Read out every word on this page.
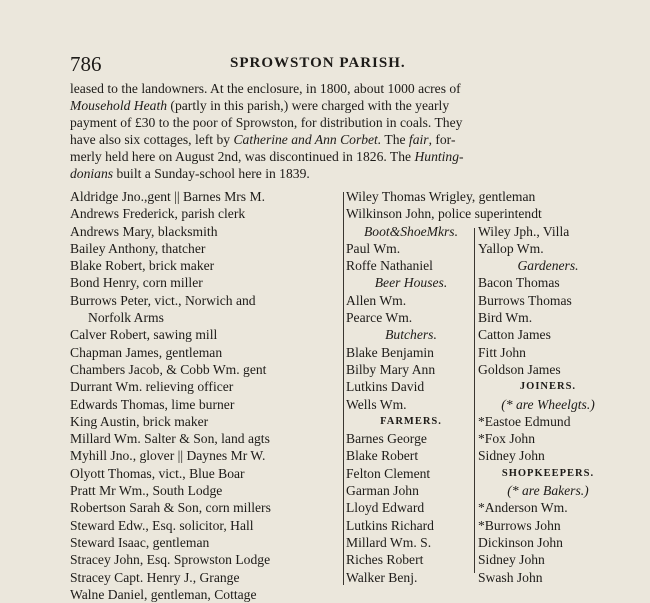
786	SPROWSTON PARISH.
leased to the landowners. At the enclosure, in 1800, about 1000 acres of
Mousehold Heath (partly in this parish,) were charged with the yearly
payment of £30 to the poor of Sprowston, for distribution in coals. They
have also six cottages, left by Catherine and Ann Corbet. The fair, for-
merly held here on August 2nd, was discontinued in 1826. The Hunting-
donians built a Sunday-school here in 1839.
Aldridge Jno.,gent || Barnes Mrs M.
Andrews Frederick, parish clerk
Andrews Mary, blacksmith
Bailey Anthony, thatcher
Blake Robert, brick maker
Bond Henry, corn miller
Burrows Peter, vict., Norwich and
Norfolk Arms
Calver Robert, sawing mill
Chapman James, gentleman
Chambers Jacob, & Cobb Wm. gent
Durrant Wm. relieving officer
Edwards Thomas, lime burner
King Austin, brick maker
Millard Wm. Salter & Son, land agts
Myhill Jno., glover || Daynes Mr W.
Olyott Thomas, vict., Blue Boar
Pratt Mr Wm., South Lodge
Robertson Sarah & Son, corn millers
Steward Edw., Esq. solicitor, Hall
Steward Isaac, gentleman
Stracey John, Esq. Sprowston Lodge
Stracey Capt. Henry J., Grange
Walne Daniel, gentleman, Cottage
Wiley Thomas Wrigley, gentleman
Wilkinson John, police superintendt
Boot&ShoeMkrs.
Paul Wm.
Roffe Nathaniel
Beer Houses.
Allen Wm.
Pearce Wm.
Butchers.
Blake Benjamin
Bilby Mary Ann
Lutkins David
Wells Wm.
FARMERS.
Barnes George
Blake Robert
Felton Clement
Garman John
Lloyd Edward
Lutkins Richard
Millard Wm. S.
Riches Robert
Walker Benj.
Wiley Jph., Villa
Yallop Wm.
Gardeners.
Bacon Thomas
Burr⁠ows Thomas
Bird Wm.
Catton James
Fitt John
Goldson James
JOINERS.
(* are Wheelgts.)
*Eastoe Edmund
*Fox John
Sidney John
SHOPKEEPERS.
(* are Bakers.)
*Anderson Wm.
*Burrows John
Dickinson John
Sidney John
Swash John
